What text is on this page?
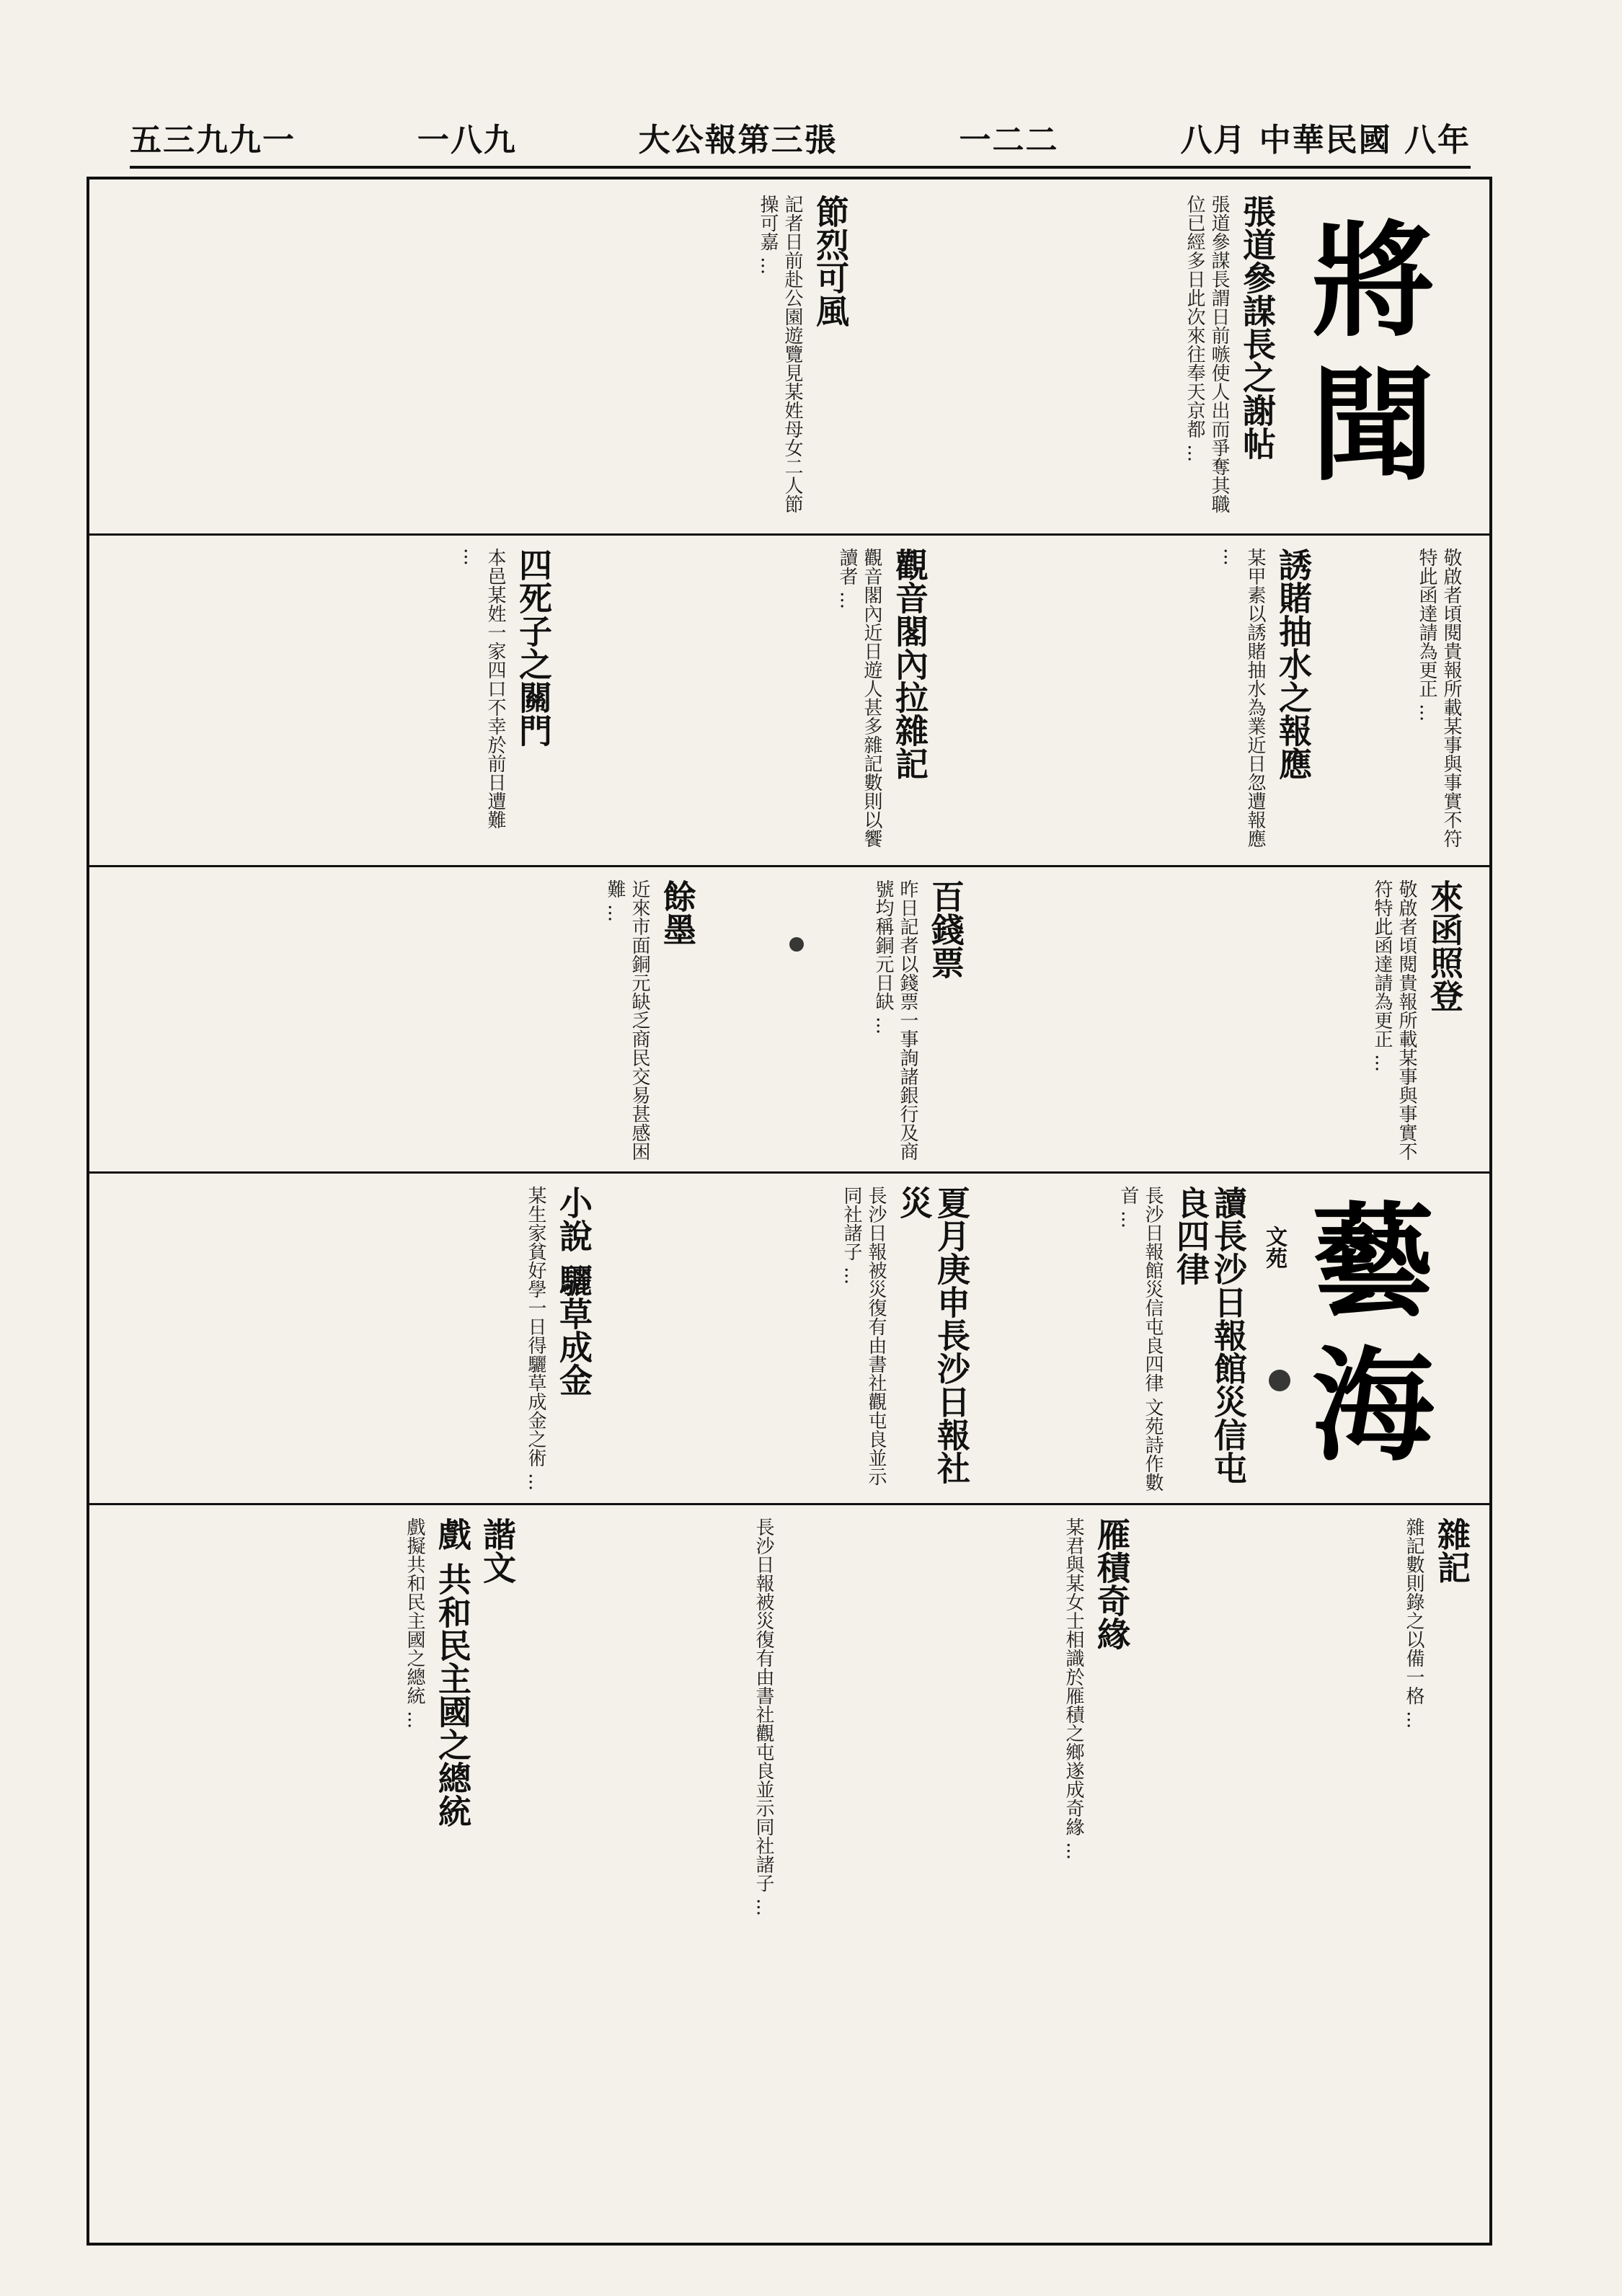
五三九九一	一八九	大公報第三張	一二二	八月 中華民國 八年
將聞
藝海
文苑
張道參謀長之謝帖
張道參謀長謂日前嗾使人出而爭奪其職位已經多日此次來往奉天京都 ...
節烈可風
記者日前赴公園遊覽見某姓母女二人節操可嘉 ...
敬啟者頃閱貴報所載某事與事實不符特此函達請為更正 ...
誘賭抽水之報應
某甲素以誘賭抽水為業近日忽遭報應 ...
觀音閣內拉雜記
觀音閣內近日遊人甚多雜記數則以饗讀者 ...
四死子之關門
本邑某姓一家四口不幸於前日遭難 ...
來函照登
敬啟者頃閱貴報所載某事與事實不符特此函達請為更正 ...
百錢票
昨日記者以錢票一事詢諸銀行及商號均稱銅元日缺 ...
餘墨
近來市面銅元缺乏商民交易甚感困難 ...
讀長沙日報館災信屯良四律
長沙日報館災信屯良四律 文苑詩作數首 ...
夏月庚申長沙日報社災
長沙日報被災復有由書社觀屯良並示同社諸子 ...
小說 驪草成金
某生家貧好學一日得驪草成金之術 ...
雜記
雜記數則錄之以備一格 ...
雁積奇緣
某君與某女士相識於雁積之鄉遂成奇緣 ...
長沙日報被災復有由書社觀屯良並示同社諸子 ...
諧文
戲 共和民主國之總統
戲擬共和民主國之總統 ...
